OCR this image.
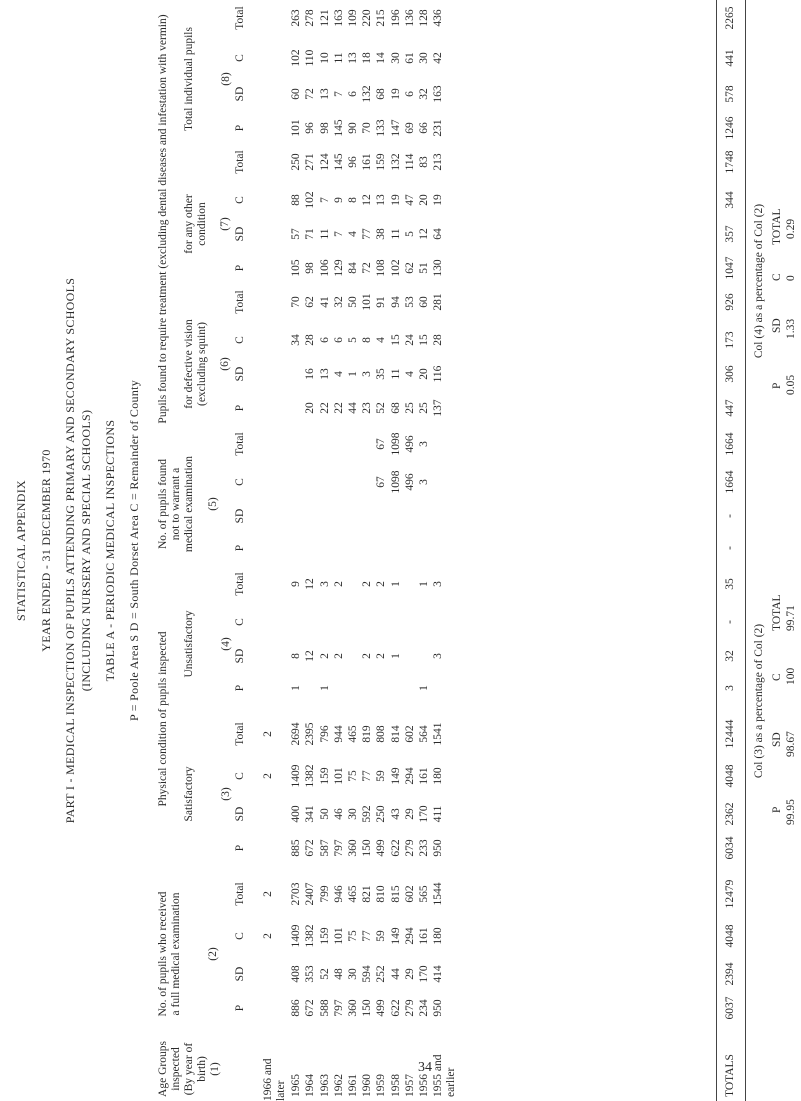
STATISTICAL APPENDIX YEAR ENDED - 31 DECEMBER 1970 PART I - MEDICAL INSPECTION OF PUPILS ATTENDING PRIMARY AND SECONDARY SCHOOLS (INCLUDING NURSERY AND SPECIAL SCHOOLS) TABLE A - PERIODIC MEDICAL INSPECTIONS P = Poole Area S D = South Dorset Area C = Remainder of County
Age Groups inspected (By year of birth) (1)
No. of pupils who received a full medical examination (2)
Physical condition of pupils inspected Satisfactory (3)
Unsatisfactory (4)
No. of pupils found not to warrant a medical examination (5)
Pupils found to require treatment (excluding dental diseases and infestation with vermin) for defective vision (excluding squint) (6)
for any other condition (7)
Total individual pupils (8)
P
SD
C
Total
P
SD
C
Total
P
SD
C
Total
P
SD
C
Total
P
SD
C
Total
P
SD
C
Total
P
SD
C
Total
1966 and later
2
2
2
2
1965
886
408
1409
2703
885
400
1409
2694
1
8
9
34
70
105
57
88
250
101
60
102
263
1964
672
353
1382
2407
672
341
1382
2395
12
12
20
16
28
62
98
71
102
271
96
72
110
278
1963
588
52
159
799
587
50
159
796
1
2
3
22
13
6
41
106
11
7
124
98
13
10
121
1962
797
48
101
946
797
46
101
944
2
2
22
4
6
32
129
7
9
145
145
7
11
163
1961
360
30
75
465
360
30
75
465
44
1
5
50
84
4
8
96
90
6
13
109
1960
150
594
77
821
150
592
77
819
2
2
23
3
8
101
72
77
12
161
70
132
18
220
1959
499
252
59
810
499
250
59
808
2
2
67
67
52
35
4
91
108
38
13
159
133
68
14
215
1958
622
44
149
815
622
43
149
814
1
1
1098
1098
68
11
15
94
102
11
19
132
147
19
30
196
1957
279
29
294
602
279
29
294
602
496
496
25
4
24
53
62
5
47
114
69
6
61
136
1956
234
170
161
565
233
170
161
564
1
1
3
3
25
20
15
60
51
12
20
83
66
32
30
128
1955 and earlier
950
414
180
1544
950
411
180
1541
3
3
137
116
28
281
130
64
19
213
231
163
42
436
TOTALS
6037
2394
4048
12479
6034
2362
4048
12444
3
32
-
35
-
-
1664
1664
447
306
173
926
1047
357
344
1748
1246
578
441
2265
Col (3) as a percentage of Col (2)
P
SD
C
TOTAL
99.95
98.67
100
99.71
Col (4) as a percentage of Col (2)
P
SD
C
TOTAL
0.05
1.33
0
0.29
34
